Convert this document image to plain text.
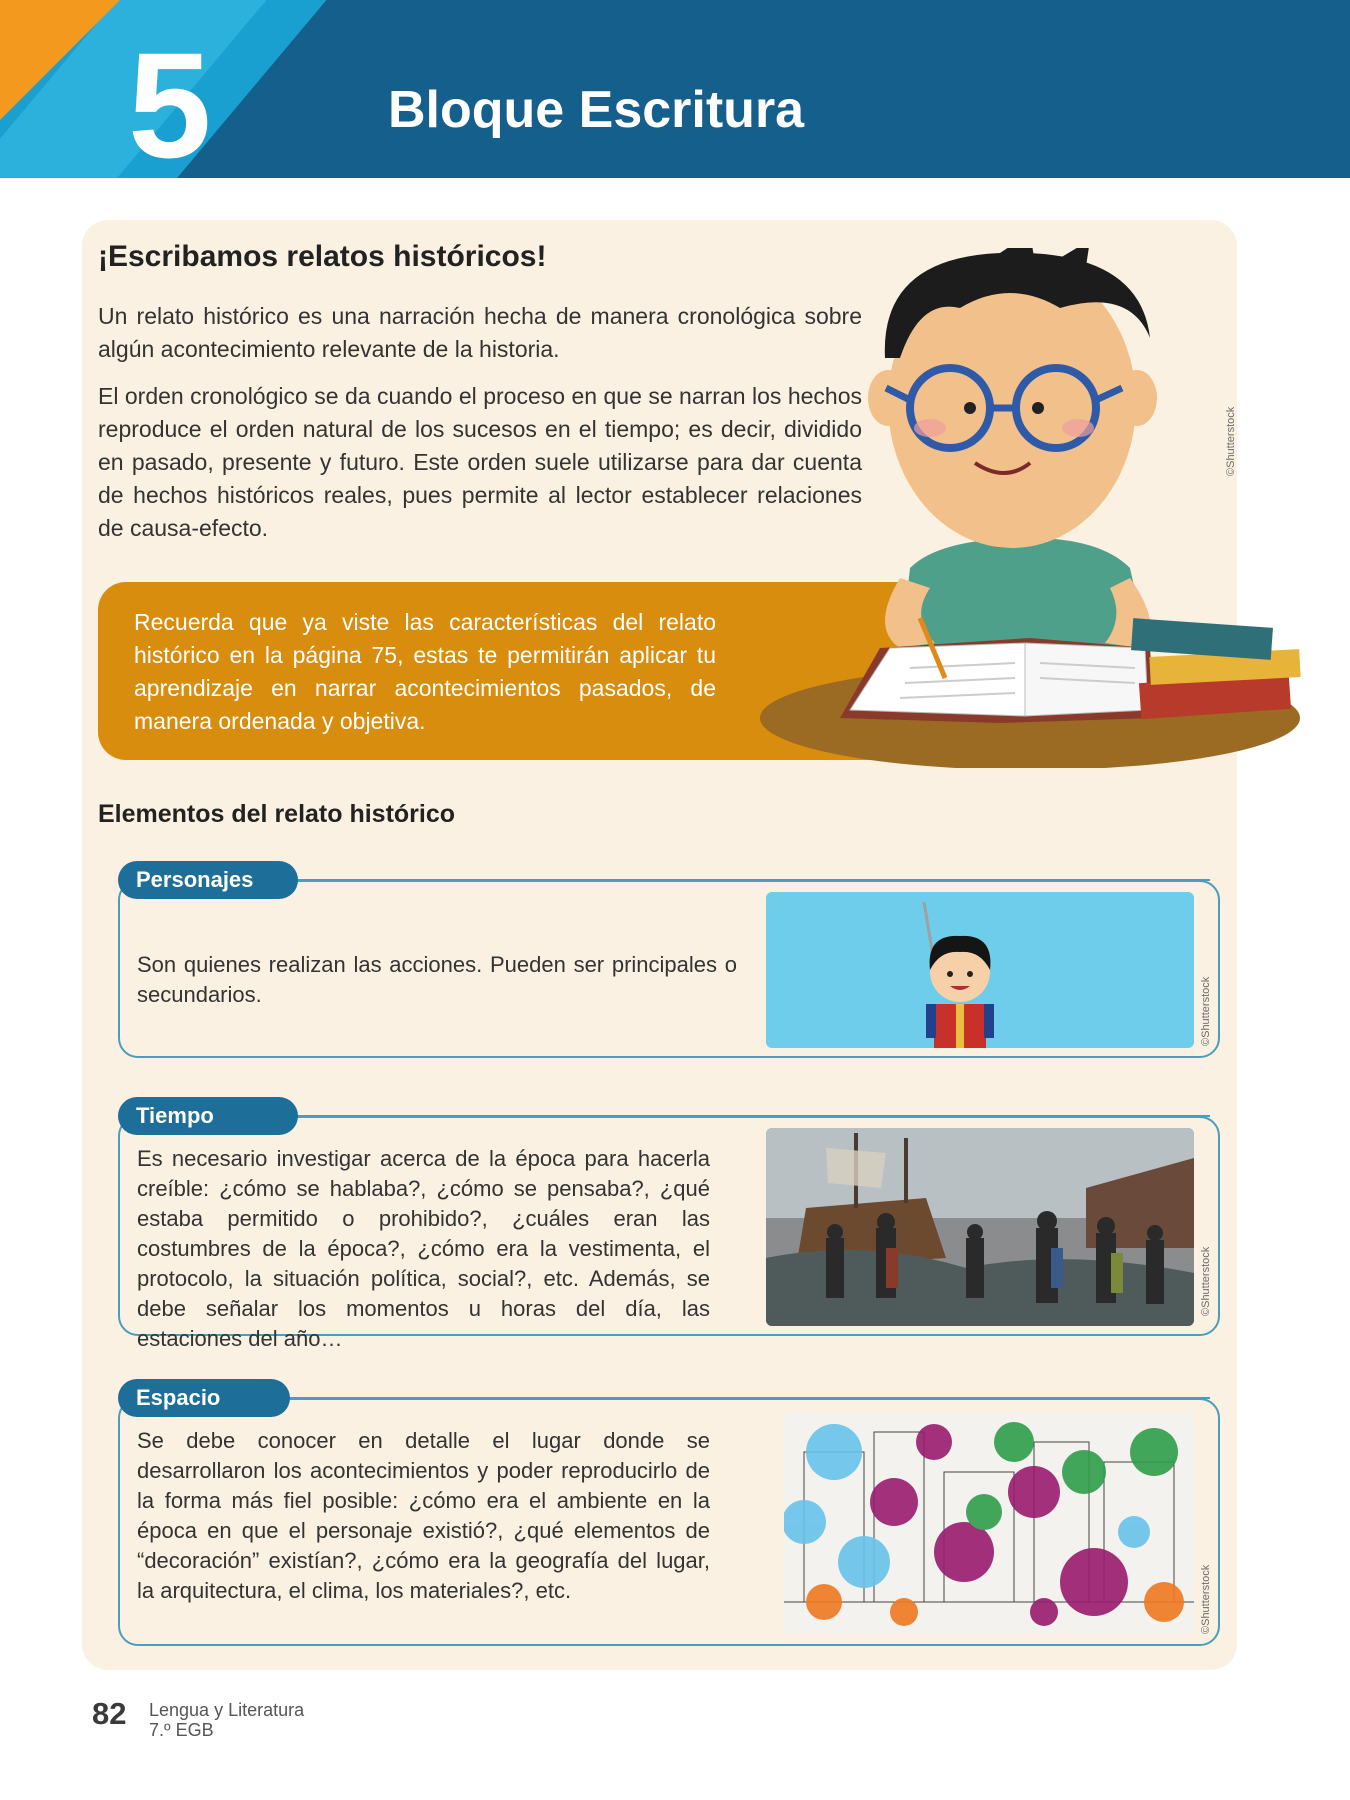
5	Bloque Escritura
¡Escribamos relatos históricos!

Un relato histórico es una narración hecha de manera cronológica sobre algún acontecimiento relevante de la historia.

El orden cronológico se da cuando el proceso en que se narran los hechos reproduce el orden natural de los sucesos en el tiempo; es decir, dividido en pasado, presente y futuro. Este orden suele utilizarse para dar cuenta de hechos históricos reales, pues permite al lector establecer relaciones de causa-efecto.

Recuerda que ya viste las características del relato histórico en la página 75, estas te permitirán aplicar tu aprendizaje en narrar acontecimientos pasados, de manera ordenada y objetiva.

©Shutterstock
Elementos del relato histórico
Personajes

Son quienes realizan las acciones. Pueden ser principales o secundarios.	©Shutterstock
Tiempo

Es necesario investigar acerca de la época para hacerla creíble: ¿cómo se hablaba?, ¿cómo se pensaba?, ¿qué estaba permitido o prohibido?, ¿cuáles eran las costumbres de la época?, ¿cómo era la vestimenta, el protocolo, la situación política, social?, etc. Además, se debe señalar los momentos u horas del día, las estaciones del año…

©Shutterstock
Espacio

Se debe conocer en detalle el lugar donde se desarrollaron los acontecimientos y poder reproducirlo de la forma más fiel posible: ¿cómo era el ambiente en la época en que el personaje existió?, ¿qué elementos de “decoración” existían?, ¿cómo era la geografía del lugar, la arquitectura, el clima, los materiales?, etc.	©Shutterstock
82 Lengua y Literatura
7.º EGB
